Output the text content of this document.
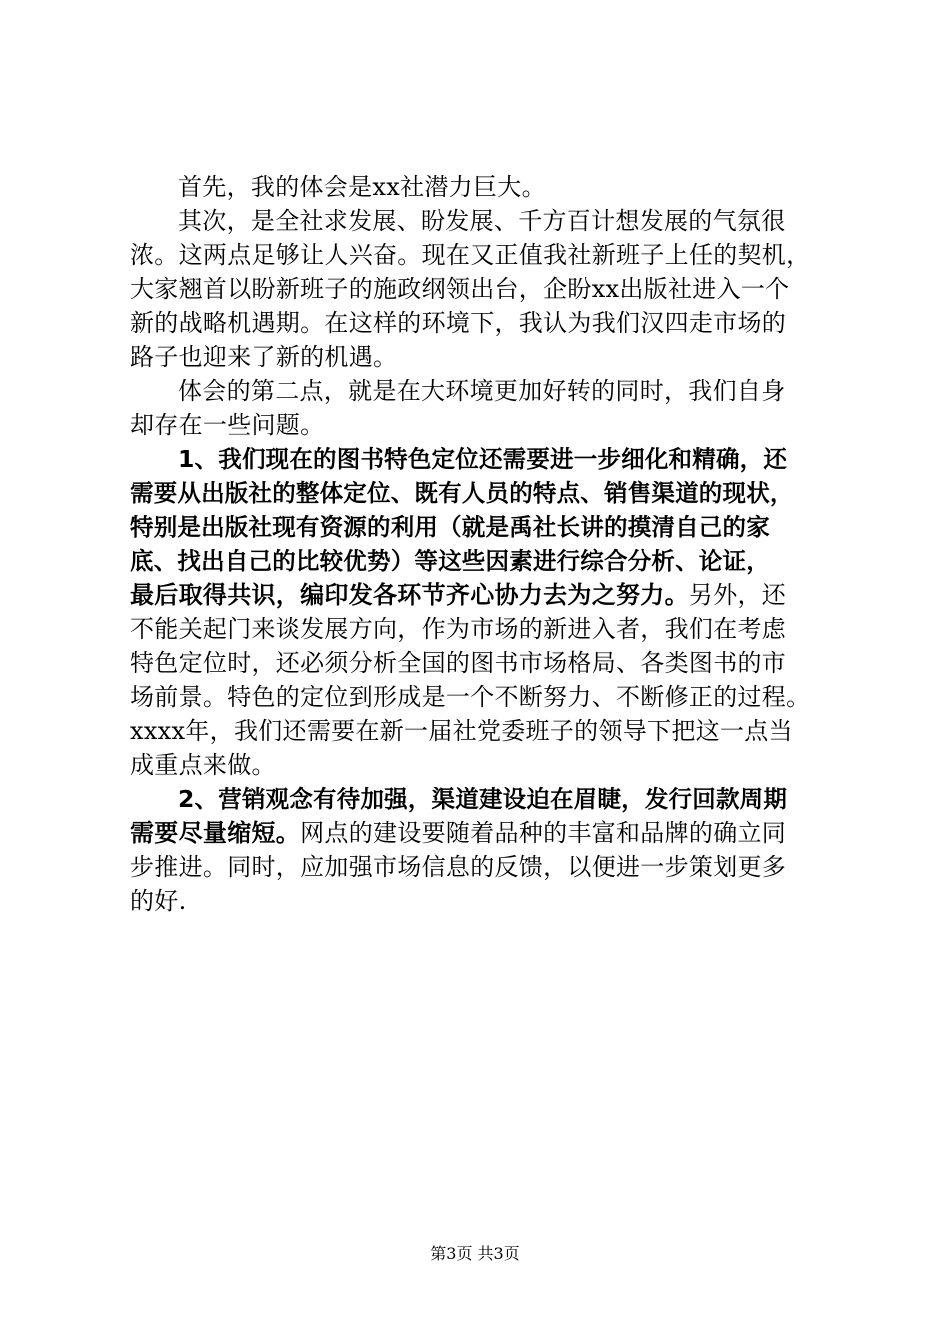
首先，我的体会是xx社潜力巨大。
其次，是全社求发展、盼发展、千方百计想发展的气氛很
浓。这两点足够让人兴奋。现在又正值我社新班子上任的契机，
大家翘首以盼新班子的施政纲领出台，企盼xx出版社进入一个
新的战略机遇期。在这样的环境下，我认为我们汉四走市场的
路子也迎来了新的机遇。
体会的第二点，就是在大环境更加好转的同时，我们自身
却存在一些问题。
1、我们现在的图书特色定位还需要进一步细化和精确，还
需要从出版社的整体定位、既有人员的特点、销售渠道的现状，
特别是出版社现有资源的利用（就是禹社长讲的摸清自己的家
底、找出自己的比较优势）等这些因素进行综合分析、论证，
最后取得共识，编印发各环节齐心协力去为之努力。另外，还
不能关起门来谈发展方向，作为市场的新进入者，我们在考虑
特色定位时，还必须分析全国的图书市场格局、各类图书的市
场前景。特色的定位到形成是一个不断努力、不断修正的过程。
xxxx年，我们还需要在新一届社党委班子的领导下把这一点当
成重点来做。
2、营销观念有待加强，渠道建设迫在眉睫，发行回款周期
需要尽量缩短。网点的建设要随着品种的丰富和品牌的确立同
步推进。同时，应加强市场信息的反馈，以便进一步策划更多
的好.
第3页 共3页
